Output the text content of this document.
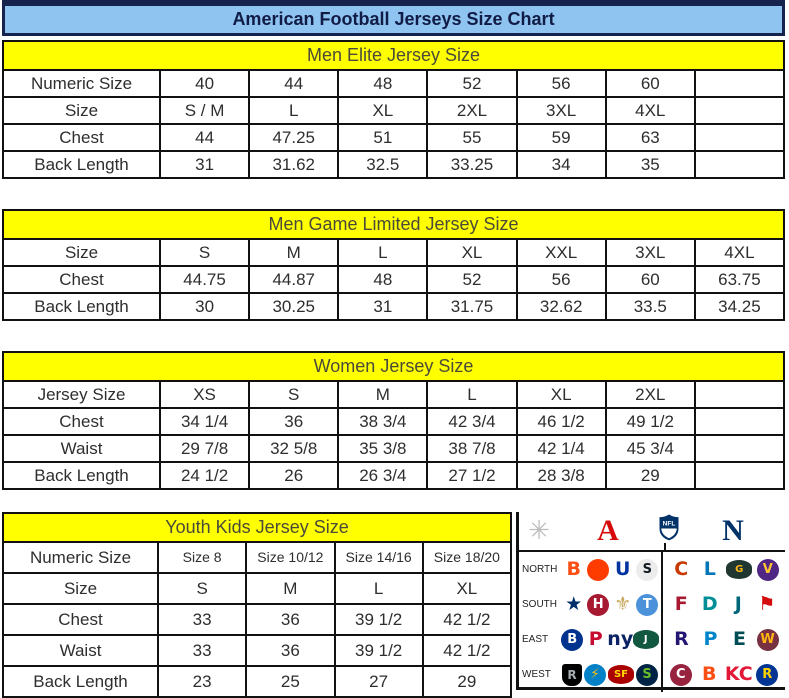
American Football Jerseys Size Chart
Men Elite Jersey Size							
Numeric Size	40	44	48	52	56	60	
Size	S / M	L	XL	2XL	3XL	4XL	
Chest	44	47.25	51	55	59	63	
Back Length	31	31.62	32.5	33.25	34	35	
Men Game Limited Jersey Size							
Size	S	M	L	XL	XXL	3XL	4XL
Chest	44.75	44.87	48	52	56	60	63.75
Back Length	30	30.25	31	31.75	32.62	33.5	34.25
Women Jersey Size							
Jersey Size	XS	S	M	L	XL	2XL	
Chest	34 1/4	36	38 3/4	42 3/4	46 1/2	49 1/2	
Waist	29 7/8	32 5/8	35 3/8	38 7/8	42 1/4	45 3/4	
Back Length	24 1/2	26	26 3/4	27 1/2	28 3/8	29	
Youth Kids Jersey Size				
Numeric Size	Size 8	Size 10/12	Size 14/16	Size 18/20
Size	S	M	L	XL
Chest	33	36	39 1/2	42 1/2
Waist	33	36	39 1/2	42 1/2
Back Length	23	25	27	29
✳	A	NFL	N
NORTH B U S	C L	G	V
SOUTH ★ H ⚜ T	F D J ⚑
EAST	B P ny	J	R P E	W
WEST	R	⚡	SF	S	C B KC R
